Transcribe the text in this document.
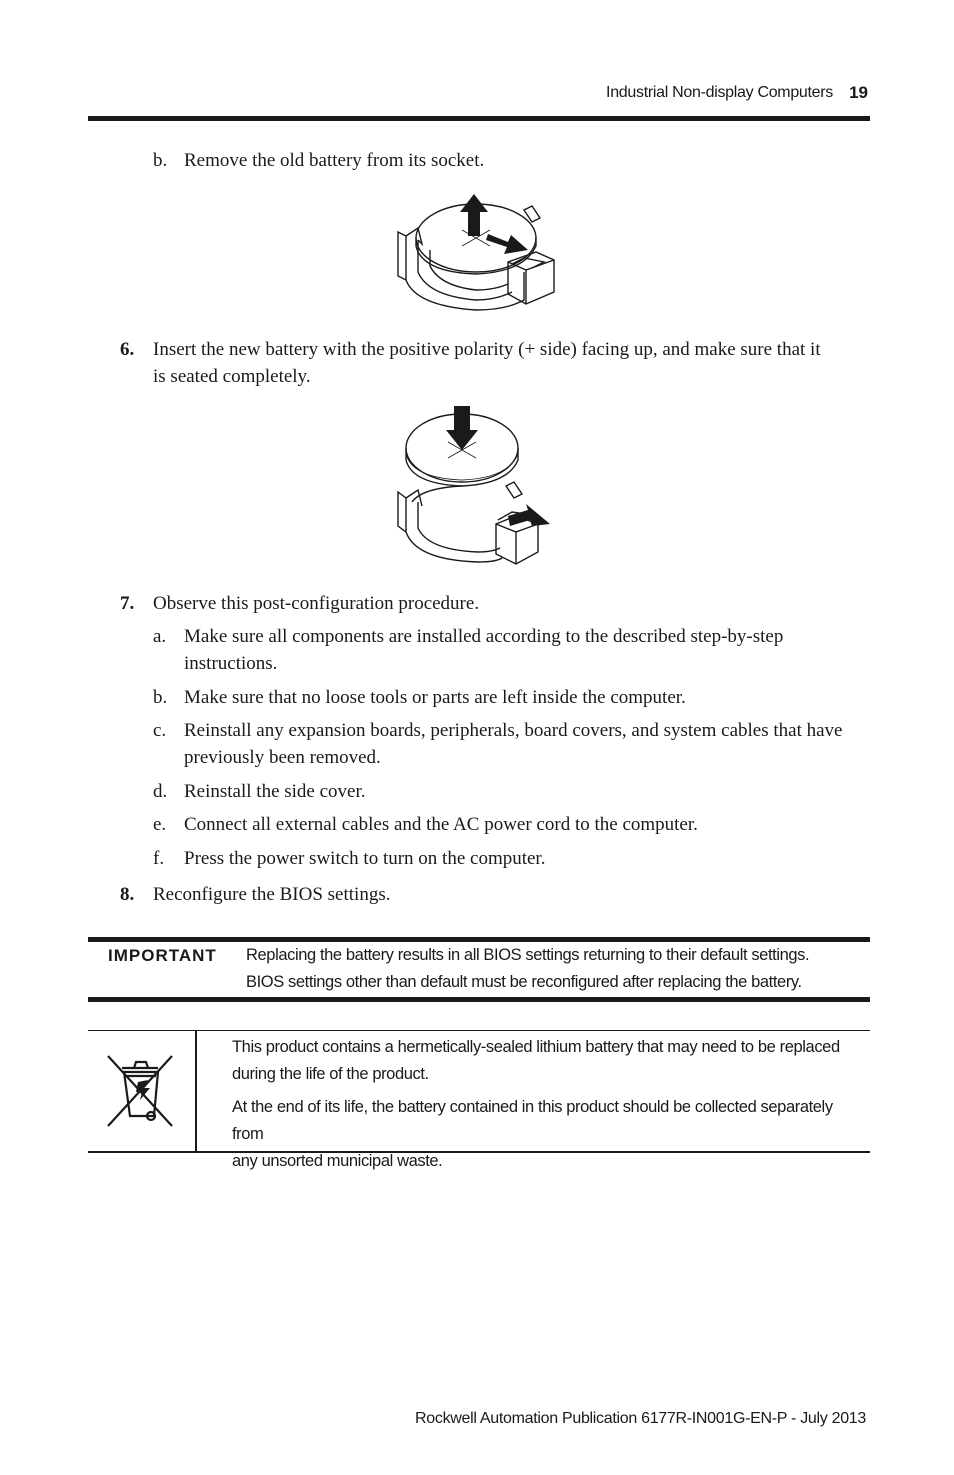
Industrial Non-display Computers 19
b. Remove the old battery from its socket.
6. Insert the new battery with the positive polarity (+ side) facing up, and make sure that it
is seated completely.
7. Observe this post-configuration procedure.
a. Make sure all components are installed according to the described step-by-step
instructions.
b. Make sure that no loose tools or parts are left inside the computer.
c. Reinstall any expansion boards, peripherals, board covers, and system cables that have
previously been removed.
d. Reinstall the side cover.
e. Connect all external cables and the AC power cord to the computer.
f. Press the power switch to turn on the computer.
8. Reconfigure the BIOS settings.
IMPORTANT Replacing the battery results in all BIOS settings returning to their default settings.
BIOS settings other than default must be reconfigured after replacing the battery.
This product contains a hermetically-sealed lithium battery that may need to be replaced
during the life of the product.
At the end of its life, the battery contained in this product should be collected separately from
any unsorted municipal waste.
Rockwell Automation Publication 6177R-IN001G-EN-P - July 2013
